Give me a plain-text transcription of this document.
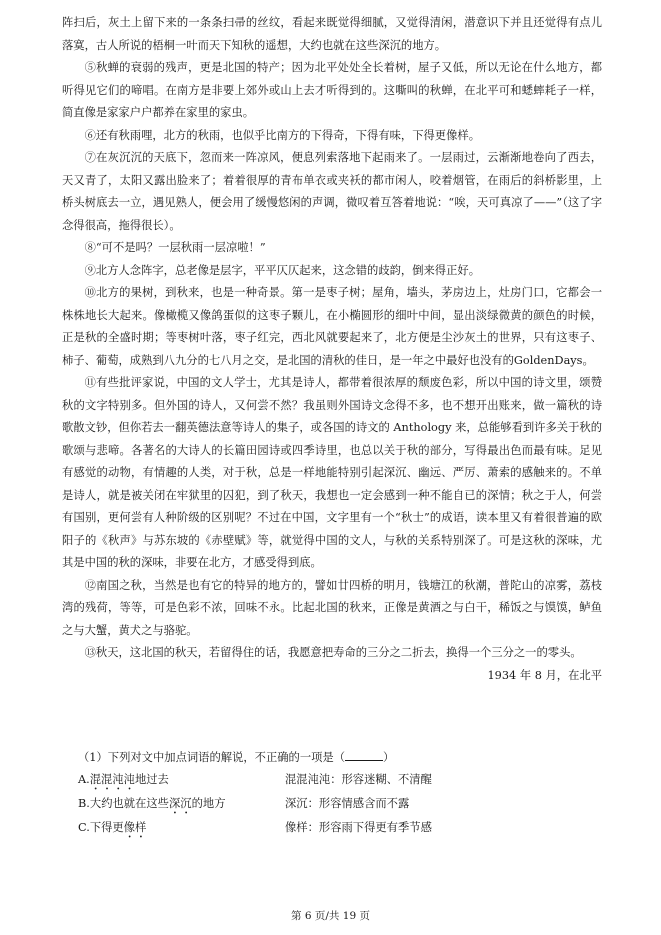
阵扫后，灰土上留下来的一条条扫帚的丝纹，看起来既觉得细腻，又觉得清闲，潜意识下并且还觉得有点儿落寞，古人所说的梧桐一叶而天下知秋的遥想，大约也就在这些深沉的地方。

⑤秋蝉的衰弱的残声，更是北国的特产；因为北平处处全长着树，屋子又低，所以无论在什么地方，都听得见它们的啼唱。在南方是非要上郊外或山上去才听得到的。这嘶叫的秋蝉，在北平可和蟋蟀耗子一样，简直像是家家户户都养在家里的家虫。

⑥还有秋雨哩，北方的秋雨，也似乎比南方的下得奇，下得有味，下得更像样。

⑦在灰沉沉的天底下，忽而来一阵凉风，便息列索落地下起雨来了。一层雨过，云渐渐地卷向了西去，天又青了，太阳又露出脸来了；着着很厚的青布单衣或夹袄的都市闲人，咬着烟管，在雨后的斜桥影里，上桥头树底去一立，遇见熟人，便会用了缓慢悠闲的声调，微叹着互答着地说：“唉，天可真凉了——”（这了字念得很高，拖得很长）。

⑧“可不是吗？一层秋雨一层凉啦！”

⑨北方人念阵字，总老像是层字，平平仄仄起来，这念错的歧韵，倒来得正好。

⑩北方的果树，到秋来，也是一种奇景。第一是枣子树；屋角，墙头，茅房边上，灶房门口，它都会一株株地长大起来。像橄榄又像鸽蛋似的这枣子颗儿，在小椭圆形的细叶中间，显出淡绿微黄的颜色的时候，正是秋的全盛时期；等枣树叶落，枣子红完，西北风就要起来了，北方便是尘沙灰土的世界，只有这枣子、柿子、葡萄，成熟到八九分的七八月之交，是北国的清秋的佳日，是一年之中最好也没有的GoldenDays。

⑪有些批评家说，中国的文人学士，尤其是诗人，都带着很浓厚的颓废色彩，所以中国的诗文里，颂赞秋的文字特别多。但外国的诗人，又何尝不然？我虽则外国诗文念得不多，也不想开出账来，做一篇秋的诗歌散文钞，但你若去一翻英德法意等诗人的集子，或各国的诗文的 Anthology 来，总能够看到许多关于秋的歌颂与悲啼。各著名的大诗人的长篇田园诗或四季诗里，也总以关于秋的部分，写得最出色而最有味。足见有感觉的动物，有情趣的人类，对于秋，总是一样地能特别引起深沉、幽远、严厉、萧索的感触来的。不单是诗人，就是被关闭在牢狱里的囚犯，到了秋天，我想也一定会感到一种不能自已的深情；秋之于人，何尝有国别，更何尝有人种阶级的区别呢？不过在中国，文字里有一个“秋士”的成语，读本里又有着很普遍的欧阳子的《秋声》与苏东坡的《赤壁赋》等，就觉得中国的文人，与秋的关系特别深了。可是这秋的深味，尤其是中国的秋的深味，非要在北方，才感受得到底。

⑫南国之秋，当然是也有它的特异的地方的，譬如廿四桥的明月，钱塘江的秋潮，普陀山的凉雾，荔枝湾的残荷，等等，可是色彩不浓，回味不永。比起北国的秋来，正像是黄酒之与白干，稀饭之与馍馍，鲈鱼之与大蟹，黄犬之与骆驼。

⑬秋天，这北国的秋天，若留得住的话，我愿意把寿命的三分之二折去，换得一个三分之一的零头。

1934 年 8 月，在北平

（1）下列对文中加点词语的解说，不正确的一项是（	）
A.混混沌沌地过去	混混沌沌：形容迷糊、不清醒
B.大约也就在这些深沉的地方	深沉：形容情感含而不露
C.下得更像样	像样：形容雨下得更有季节感
第 6 页/共 19 页
